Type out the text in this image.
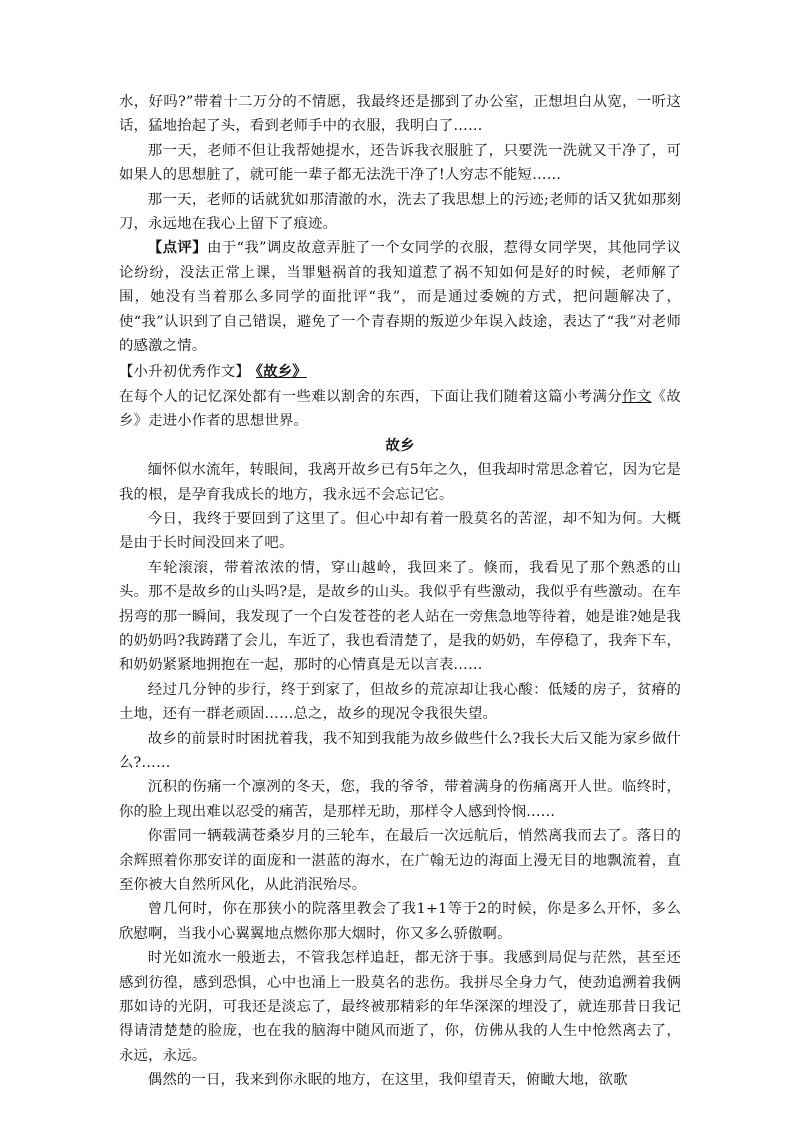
水，好吗?”带着十二万分的不情愿，我最终还是挪到了办公室，正想坦白从宽，一听这话，猛地抬起了头，看到老师手中的衣服，我明白了……

那一天，老师不但让我帮她提水，还告诉我衣服脏了，只要洗一洗就又干净了，可如果人的思想脏了，就可能一辈子都无法洗干净了!人穷志不能短……

那一天，老师的话就犹如那清澈的水，洗去了我思想上的污迹;老师的话又犹如那刻刀，永远地在我心上留下了痕迹。

【点评】由于“我”调皮故意弄脏了一个女同学的衣服，惹得女同学哭，其他同学议论纷纷，没法正常上课，当罪魁祸首的我知道惹了祸不知如何是好的时候，老师解了围，她没有当着那么多同学的面批评“我”，而是通过委婉的方式，把问题解决了，使“我”认识到了自己错误，避免了一个青春期的叛逆少年误入歧途，表达了“我”对老师的感激之情。

【小升初优秀作文】 《故乡》

在每个人的记忆深处都有一些难以割舍的东西，下面让我们随着这篇小考满分作文《故乡》走进小作者的思想世界。

故乡

缅怀似水流年，转眼间，我离开故乡已有5年之久，但我却时常思念着它，因为它是我的根，是孕育我成长的地方，我永远不会忘记它。

今日，我终于要回到了这里了。但心中却有着一股莫名的苦涩，却不知为何。大概是由于长时间没回来了吧。

车轮滚滚，带着浓浓的情，穿山越岭，我回来了。倏而，我看见了那个熟悉的山头。那不是故乡的山头吗?是，是故乡的山头。我似乎有些激动，我似乎有些激动。在车拐弯的那一瞬间，我发现了一个白发苍苍的老人站在一旁焦急地等待着，她是谁?她是我的奶奶吗?我踌躇了会儿，车近了，我也看清楚了，是我的奶奶，车停稳了，我奔下车，和奶奶紧紧地拥抱在一起，那时的心情真是无以言表……

经过几分钟的步行，终于到家了，但故乡的荒凉却让我心酸：低矮的房子，贫瘠的土地，还有一群老顽固……总之，故乡的现况令我很失望。

故乡的前景时时困扰着我，我不知到我能为故乡做些什么?我长大后又能为家乡做什么?……

沉积的伤痛一个凛冽的冬天，您，我的爷爷，带着满身的伤痛离开人世。临终时，你的脸上现出难以忍受的痛苦，是那样无助，那样令人感到怜悯……

你雷同一辆载满苍桑岁月的三轮车，在最后一次远航后，悄然离我而去了。落日的余辉照着你那安详的面庞和一湛蓝的海水，在广翰无边的海面上漫无目的地飘流着，直至你被大自然所风化，从此消泯殆尽。

曾几何时，你在那狭小的院落里教会了我1+1等于2的时候，你是多么开怀，多么欣慰啊，当我小心翼翼地点燃你那大烟时，你又多么骄傲啊。

时光如流水一般逝去，不管我怎样追赶，都无济于事。我感到局促与茫然，甚至还感到彷徨，感到恐惧，心中也涌上一股莫名的悲伤。我拼尽全身力气，使劲追溯着我俩那如诗的光阴，可我还是淡忘了，最终被那精彩的年华深深的埋没了，就连那昔日我记得请清楚楚的脸庞，也在我的脑海中随风而逝了，你，仿佛从我的人生中怆然离去了，永远，永远。

偶然的一日，我来到你永眠的地方，在这里，我仰望青天，俯瞰大地，欲歌
